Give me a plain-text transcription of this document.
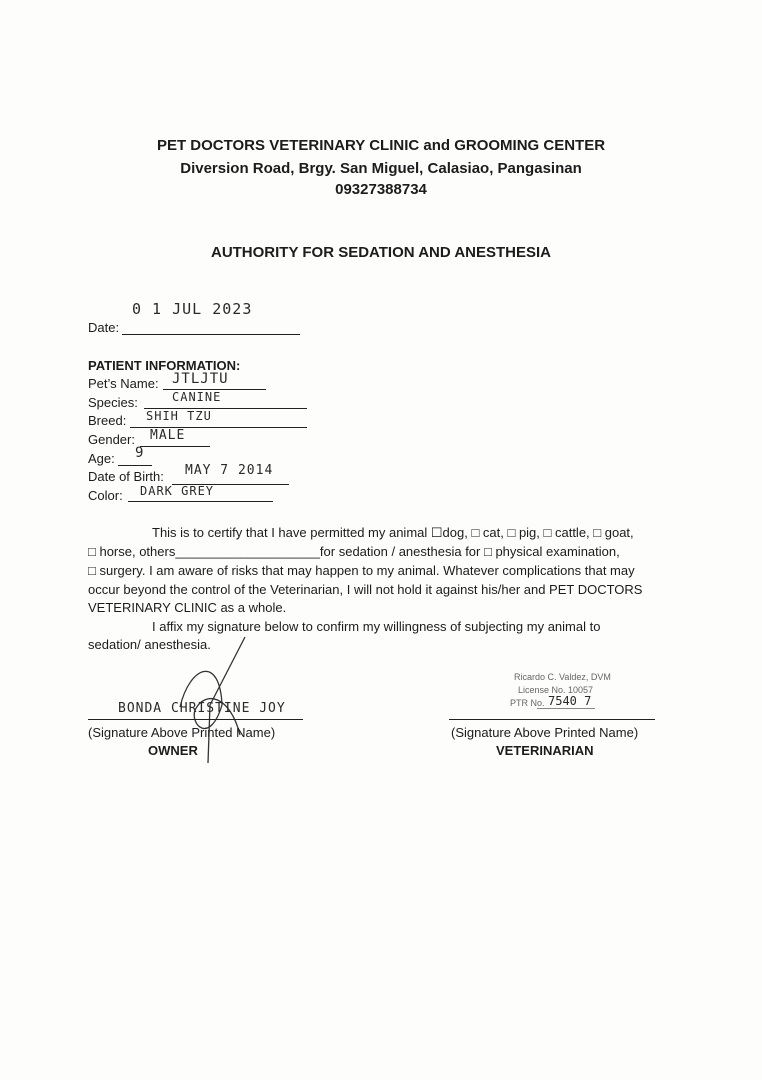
PET DOCTORS VETERINARY CLINIC and GROOMING CENTER
Diversion Road, Brgy. San Miguel, Calasiao, Pangasinan
09327388734
AUTHORITY FOR SEDATION AND ANESTHESIA
Date:
0 1 JUL 2023
PATIENT INFORMATION:
Pet’s Name: JTLJTU
Species:	CANINE
Breed: SHIH TZU
Gender: MALE
Age: 9
Date of Birth: MAY 7 2014
Color: DARK GREY
This is to certify that I have permitted my animal ☐dog, □ cat, □ pig, □ cattle, □ goat,
□ horse, others____________________for sedation / anesthesia for □ physical examination,
□ surgery. I am aware of risks that may happen to my animal. Whatever complications that may
occur beyond the control of the Veterinarian, I will not hold it against his/her and PET DOCTORS
VETERINARY CLINIC as a whole.
I affix my signature below to confirm my willingness of subjecting my animal to
sedation/ anesthesia.
BONDA CHRISTINE JOY
(Signature Above Printed Name)
OWNER
Ricardo C. Valdez, DVM
License No. 10057
PTR No. 7540 7
(Signature Above Printed Name)
VETERINARIAN
